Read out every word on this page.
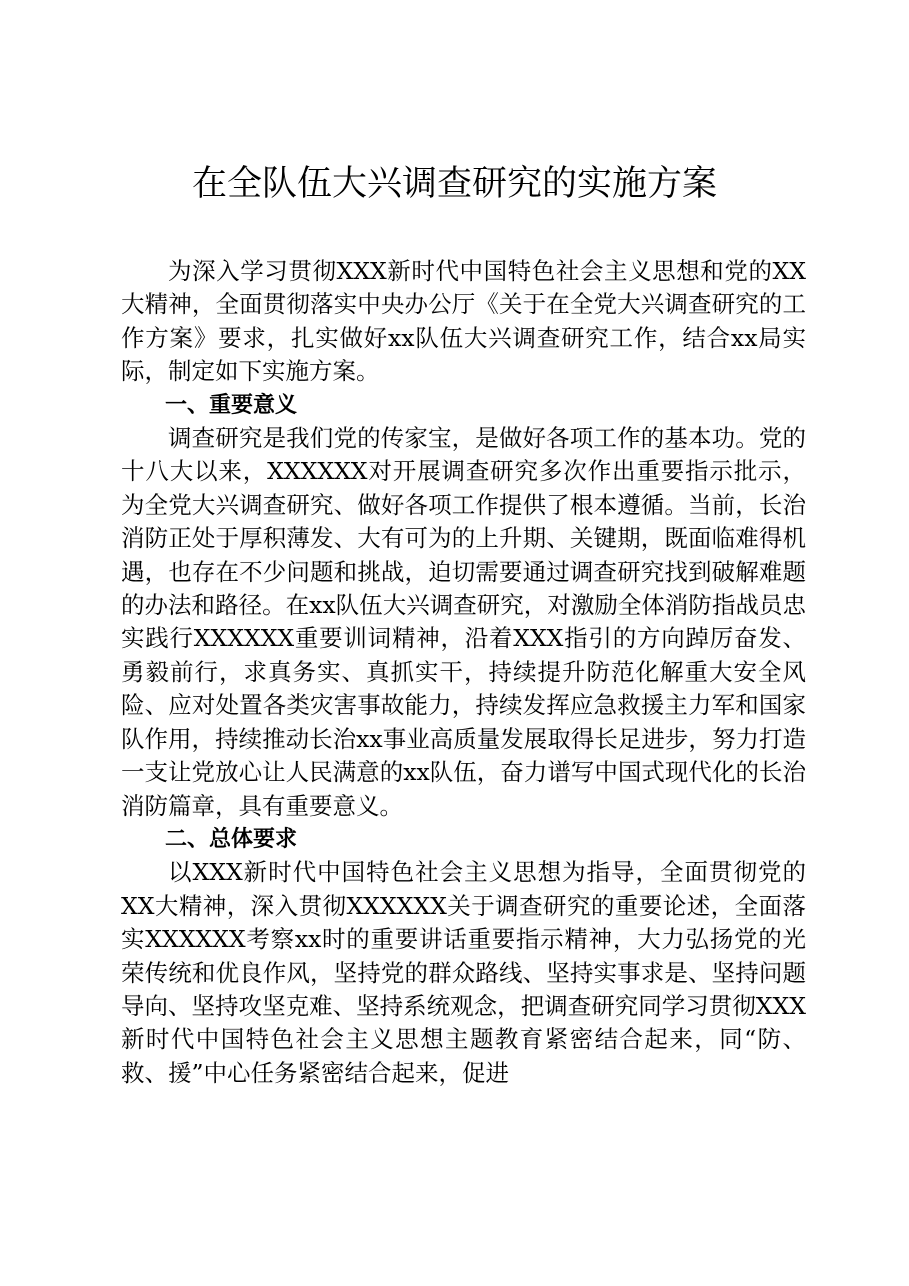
在全队伍大兴调查研究的实施方案

为深入学习贯彻XXX新时代中国特色社会主义思想和党的XX大精神，全面贯彻落实中央办公厅《关于在全党大兴调查研究的工作方案》要求，扎实做好xx队伍大兴调查研究工作，结合xx局实际，制定如下实施方案。

一、重要意义

调查研究是我们党的传家宝，是做好各项工作的基本功。党的十八大以来，XXXXXX对开展调查研究多次作出重要指示批示，为全党大兴调查研究、做好各项工作提供了根本遵循。当前，长治消防正处于厚积薄发、大有可为的上升期、关键期，既面临难得机遇，也存在不少问题和挑战，迫切需要通过调查研究找到破解难题的办法和路径。在xx队伍大兴调查研究，对激励全体消防指战员忠实践行XXXXXX重要训词精神，沿着XXX指引的方向踔厉奋发、勇毅前行，求真务实、真抓实干，持续提升防范化解重大安全风险、应对处置各类灾害事故能力，持续发挥应急救援主力军和国家队作用，持续推动长治xx事业高质量发展取得长足进步，努力打造一支让党放心让人民满意的xx队伍，奋力谱写中国式现代化的长治消防篇章，具有重要意义。

二、总体要求

以XXX新时代中国特色社会主义思想为指导，全面贯彻党的XX大精神，深入贯彻XXXXXX关于调查研究的重要论述，全面落实XXXXXX考察xx时的重要讲话重要指示精神，大力弘扬党的光荣传统和优良作风，坚持党的群众路线、坚持实事求是、坚持问题导向、坚持攻坚克难、坚持系统观念，把调查研究同学习贯彻XXX新时代中国特色社会主义思想主题教育紧密结合起来，同“防、救、援”中心任务紧密结合起来，促进
